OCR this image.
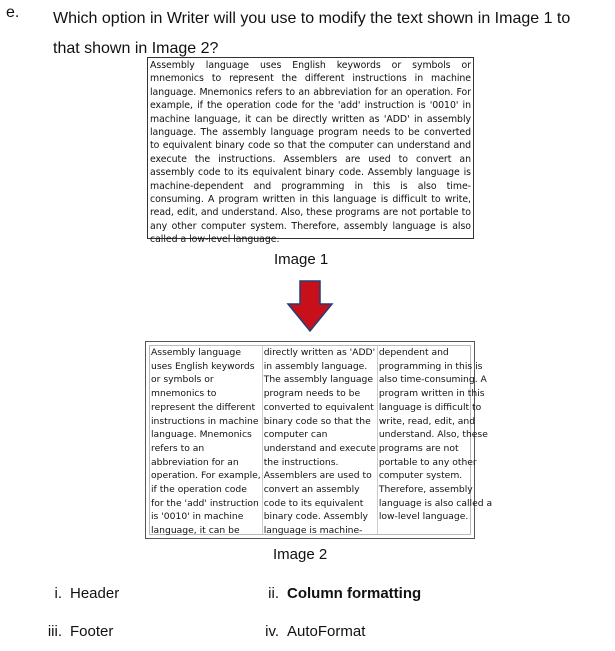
e. Which option in Writer will you use to modify the text shown in Image 1 to that shown in Image 2?
Assembly language uses English keywords or symbols or mnemonics to represent the different instructions in machine language. Mnemonics refers to an abbreviation for an operation. For example, if the operation code for the 'add' instruction is '0010' in machine language, it can be directly written as 'ADD' in assembly language. The assembly language program needs to be converted to equivalent binary code so that the computer can understand and execute the instructions. Assemblers are used to convert an assembly code to its equivalent binary code. Assembly language is machine-dependent and programming in this is also time-consuming. A program written in this language is difficult to write, read, edit, and understand. Also, these programs are not portable to any other computer system. Therefore, assembly language is also called a low-level language.
Image 1
Assembly language
uses English keywords
or symbols or
mnemonics to
represent the different
instructions in machine
language. Mnemonics
refers to an
abbreviation for an
operation. For example,
if the operation code
for the 'add' instruction
is '0010' in machine
language, it can be
directly written as 'ADD'
in assembly language.
The assembly language
program needs to be
converted to equivalent
binary code so that the
computer can
understand and execute
the instructions.
Assemblers are used to
convert an assembly
code to its equivalent
binary code. Assembly
language is machine-
dependent and
programming in this is
also time-consuming. A
program written in this
language is difficult to
write, read, edit, and
understand. Also, these
programs are not
portable to any other
computer system.
Therefore, assembly
language is also called a
low-level language.
Image 2
i. Header	ii. Column formatting
iii. Footer	iv. AutoFormat
